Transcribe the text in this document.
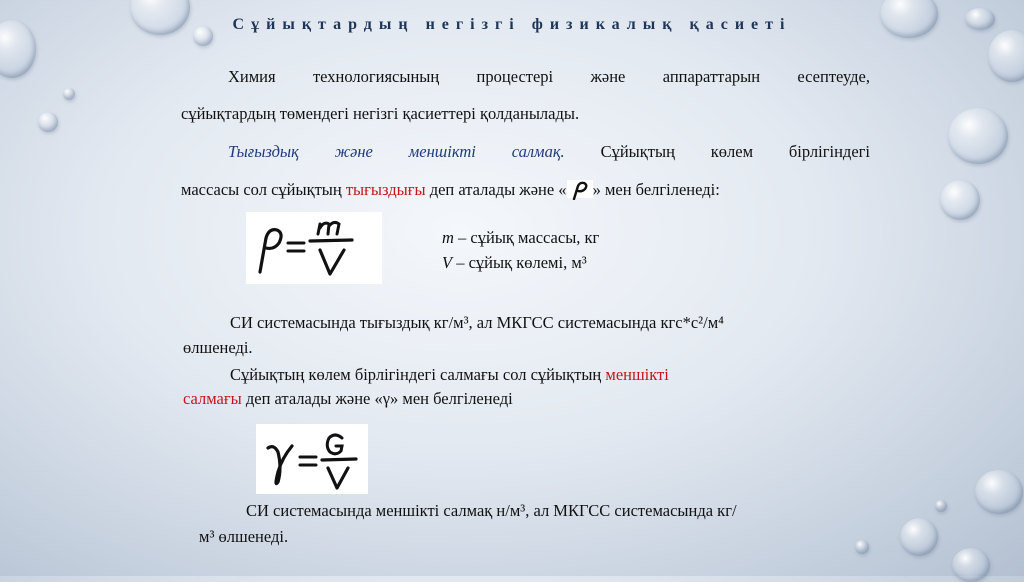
Сұйықтардың негізгі физикалық қасиеті

Химия технологиясының процестері және аппараттарын есептеуде,

сұйықтардың төмендегі негізгі қасиеттері қолданылады.

Тығыздық және меншікті салмақ. Сұйықтың көлем бірлігіндегі

массасы сол сұйықтың тығыздығы деп аталады және « » мен белгіленеді:

m – сұйық массасы, кг

V – сұйық көлемі, м³

СИ системасында тығыздық кг/м³, ал МКГСС системасында кгс*с²/м⁴

өлшенеді.

Сұйықтың көлем бірлігіндегі салмағы сол сұйықтың меншікті

салмағы деп аталады және «γ» мен белгіленеді

СИ системасында меншікті салмақ н/м³, ал МКГСС системасында кг/

м³ өлшенеді.
